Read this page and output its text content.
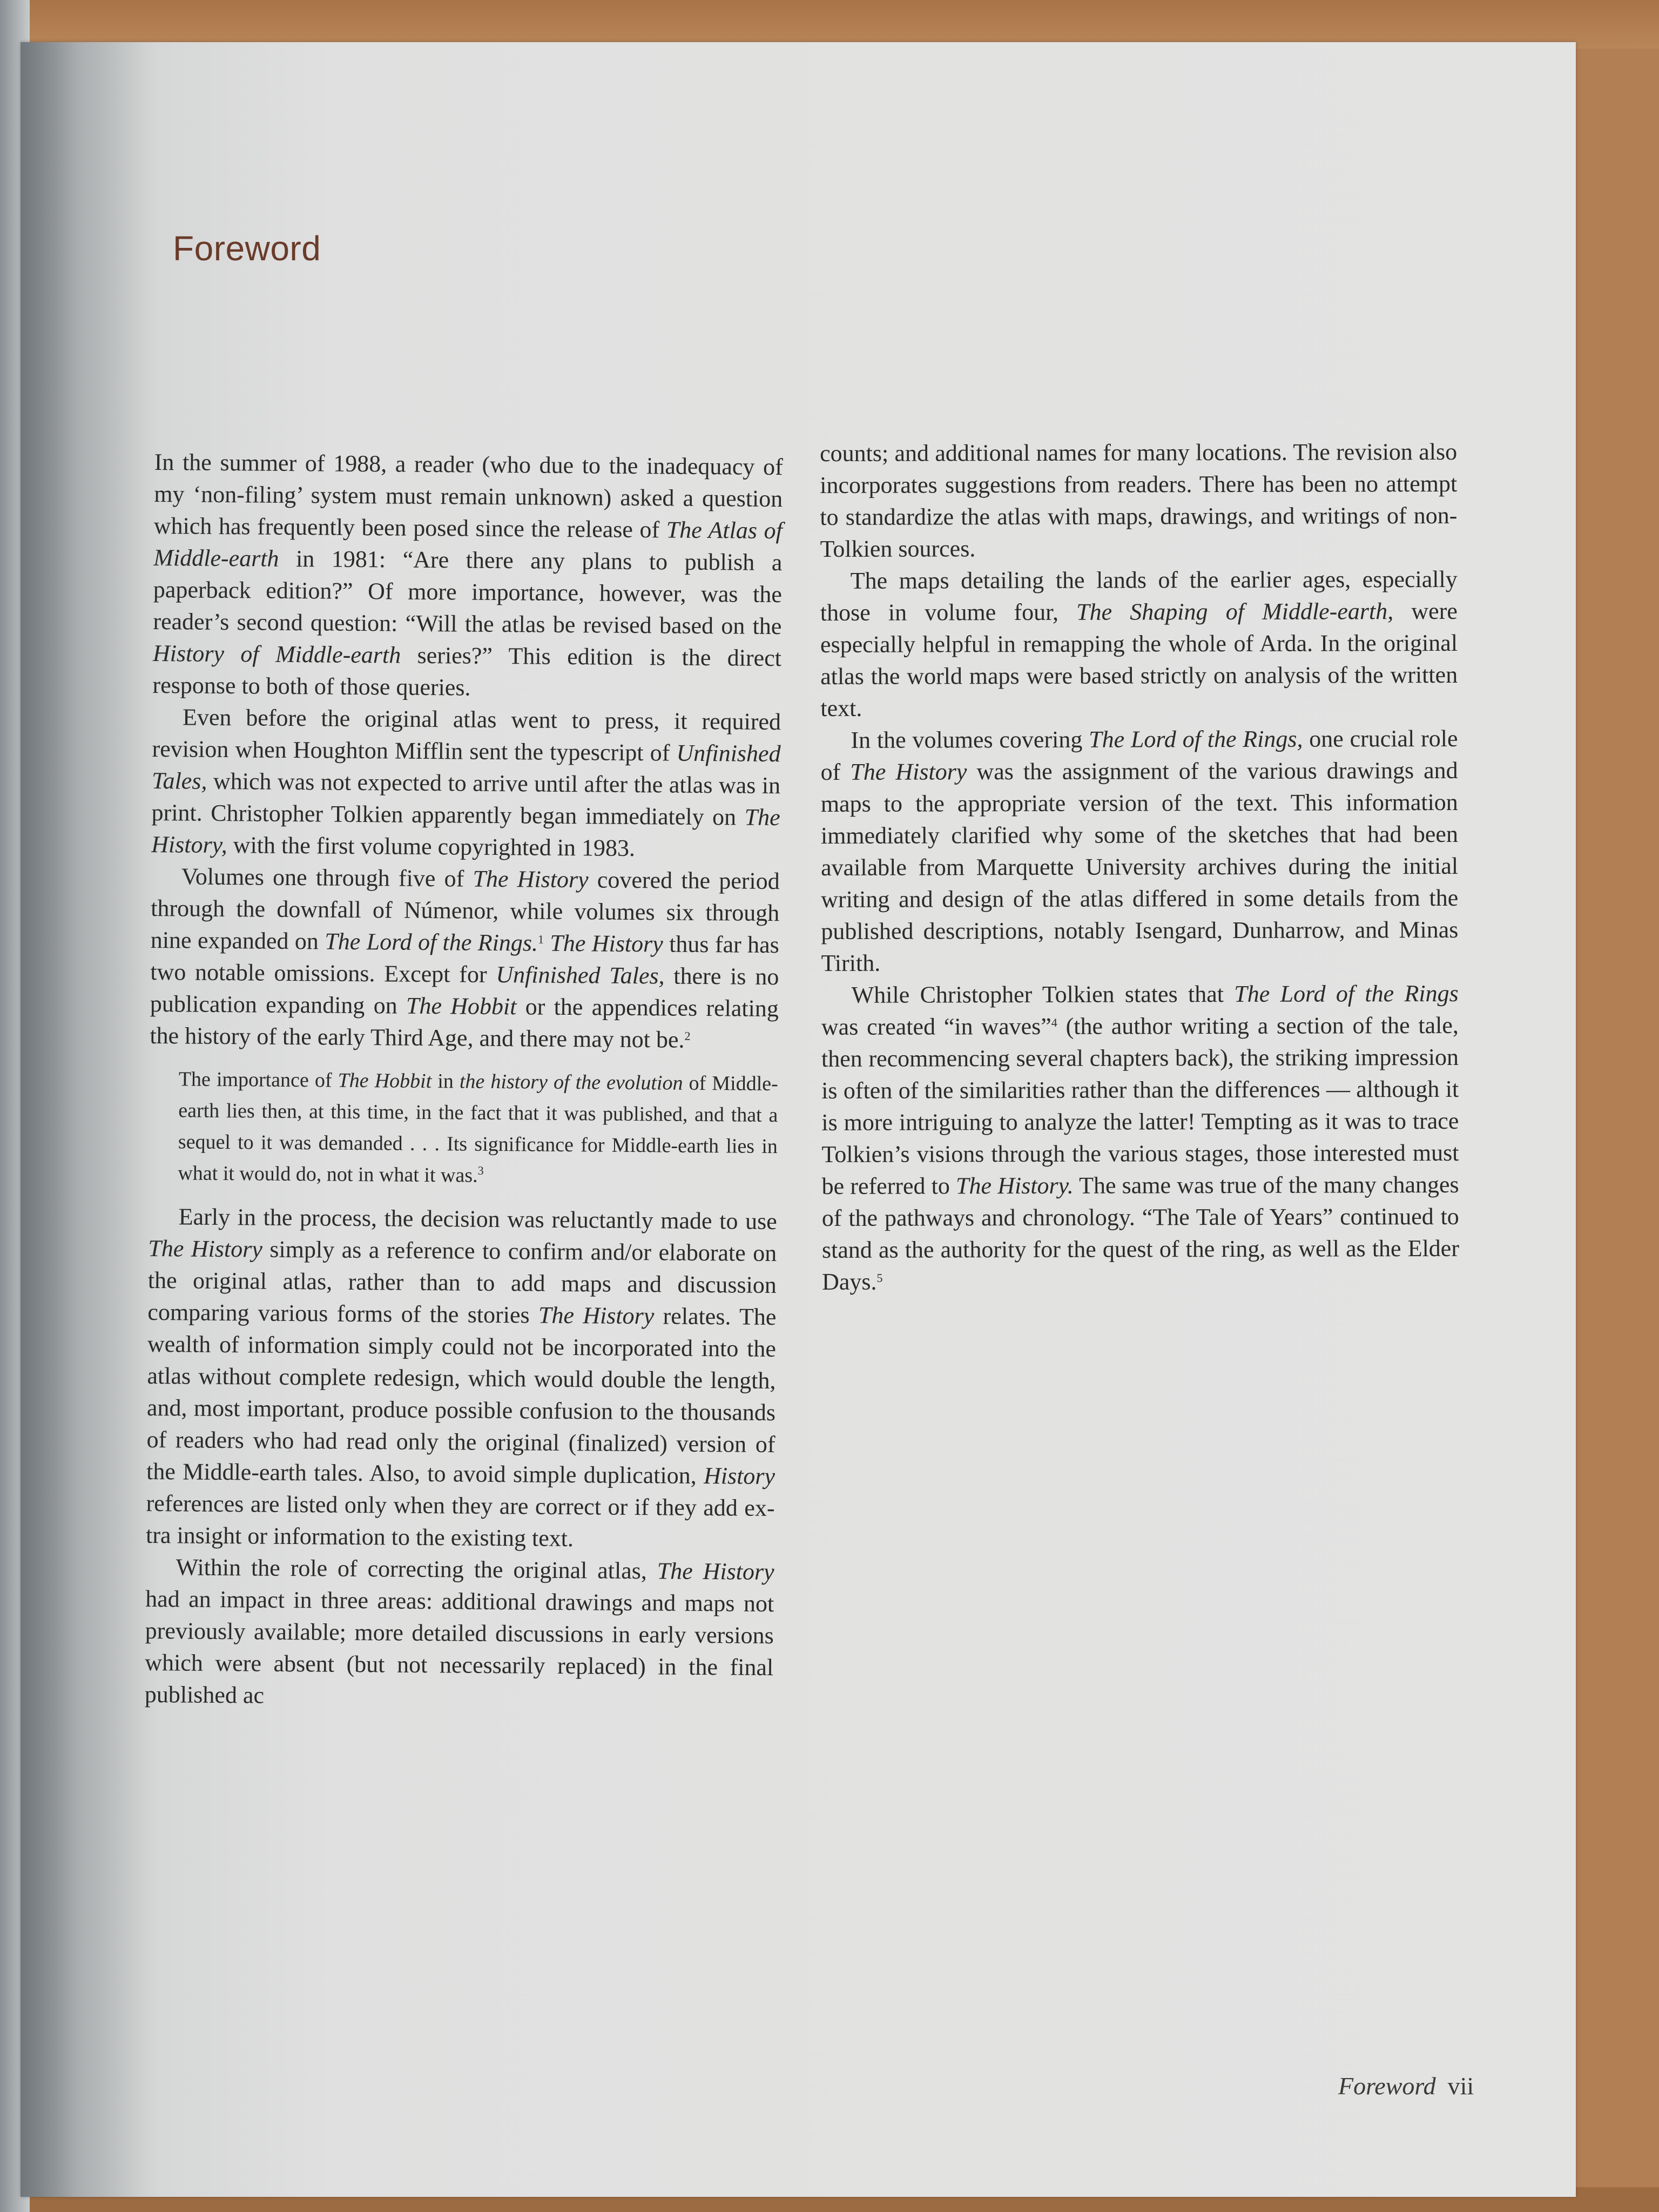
Foreword

In the summer of 1988, a reader (who due to the inadequacy of my ‘non-filing’ system must remain unknown) asked a question which has frequently been posed since the release of The Atlas of Middle-earth in 1981: “Are there any plans to publish a paperback edition?” Of more importance, however, was the reader’s second question: “Will the atlas be revised based on the History of Middle-earth series?” This edition is the direct response to both of those queries.

Even before the original atlas went to press, it required revision when Houghton Mifflin sent the typescript of Unfinished Tales, which was not expected to arrive until after the atlas was in print. Christopher Tolkien apparently began immediately on The History, with the first volume copyrighted in 1983.

Volumes one through five of The History covered the period through the downfall of Númenor, while volumes six through nine expanded on The Lord of the Rings.$^1$ The History thus far has two notable omissions. Except for Unfinished Tales, there is no publication expanding on The Hobbit or the appendices relating the history of the early Third Age, and there may not be.$^2$

The importance of The Hobbit in the history of the evolution of Middle-earth lies then, at this time, in the fact that it was published, and that a sequel to it was demanded . . . Its significance for Middle-earth lies in what it would do, not in what it was.$^3$

Early in the process, the decision was reluctantly made to use The History simply as a reference to confirm and/or elaborate on the original atlas, rather than to add maps and discussion comparing various forms of the stories The History relates. The wealth of information simply could not be incorporated into the atlas without complete redesign, which would double the length, and, most important, produce possible confusion to the thousands of readers who had read only the original (finalized) version of the Middle-earth tales. Also, to avoid simple duplication, History references are listed only when they are correct or if they add extra insight or information to the existing text.

Within the role of correcting the original atlas, The History had an impact in three areas: additional drawings and maps not previously available; more detailed discussions in early versions which were absent (but not necessarily replaced) in the final published ac

counts; and additional names for many locations. The revision also incorporates suggestions from readers. There has been no attempt to standardize the atlas with maps, drawings, and writings of non-Tolkien sources.

The maps detailing the lands of the earlier ages, especially those in volume four, The Shaping of Middle-earth, were especially helpful in remapping the whole of Arda. In the original atlas the world maps were based strictly on analysis of the written text.

In the volumes covering The Lord of the Rings, one crucial role of The History was the assignment of the various drawings and maps to the appropriate version of the text. This information immediately clarified why some of the sketches that had been available from Marquette University archives during the initial writing and design of the atlas differed in some details from the published descriptions, notably Isengard, Dunharrow, and Minas Tirith.

While Christopher Tolkien states that The Lord of the Rings was created “in waves”$^4$ (the author writing a section of the tale, then recommencing several chapters back), the striking impression is often of the similarities rather than the differences — although it is more intriguing to analyze the latter! Tempting as it was to trace Tolkien’s visions through the various stages, those interested must be referred to The History. The same was true of the many changes of the pathways and chronology. “The Tale of Years” continued to stand as the authority for the quest of the ring, as well as the Elder Days.$^5$

Foreword vii
